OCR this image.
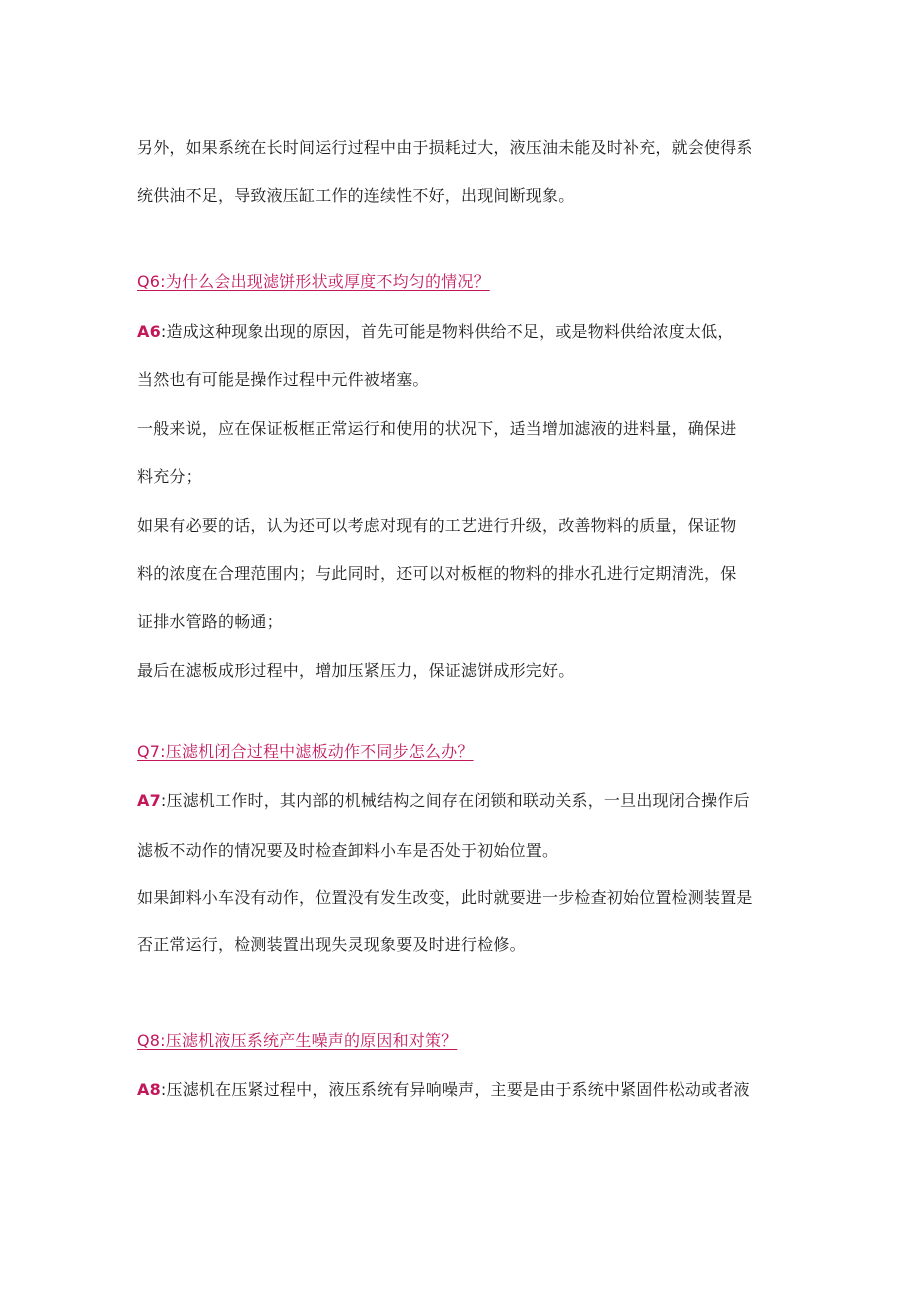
另外，如果系统在长时间运行过程中由于损耗过大，液压油未能及时补充，就会使得系
统供油不足，导致液压缸工作的连续性不好，出现间断现象。
Q6:为什么会出现滤饼形状或厚度不均匀的情况？
A6:造成这种现象出现的原因，首先可能是物料供给不足，或是物料供给浓度太低，
当然也有可能是操作过程中元件被堵塞。
一般来说，应在保证板框正常运行和使用的状况下，适当增加滤液的进料量，确保进
料充分；
如果有必要的话，认为还可以考虑对现有的工艺进行升级，改善物料的质量，保证物
料的浓度在合理范围内；与此同时，还可以对板框的物料的排水孔进行定期清洗，保
证排水管路的畅通；
最后在滤板成形过程中，增加压紧压力，保证滤饼成形完好。
Q7:压滤机闭合过程中滤板动作不同步怎么办？
A7:压滤机工作时，其内部的机械结构之间存在闭锁和联动关系，一旦出现闭合操作后
滤板不动作的情况要及时检查卸料小车是否处于初始位置。
如果卸料小车没有动作，位置没有发生改变，此时就要进一步检查初始位置检测装置是
否正常运行，检测装置出现失灵现象要及时进行检修。
Q8:压滤机液压系统产生噪声的原因和对策？
A8:压滤机在压紧过程中，液压系统有异响噪声，主要是由于系统中紧固件松动或者液
